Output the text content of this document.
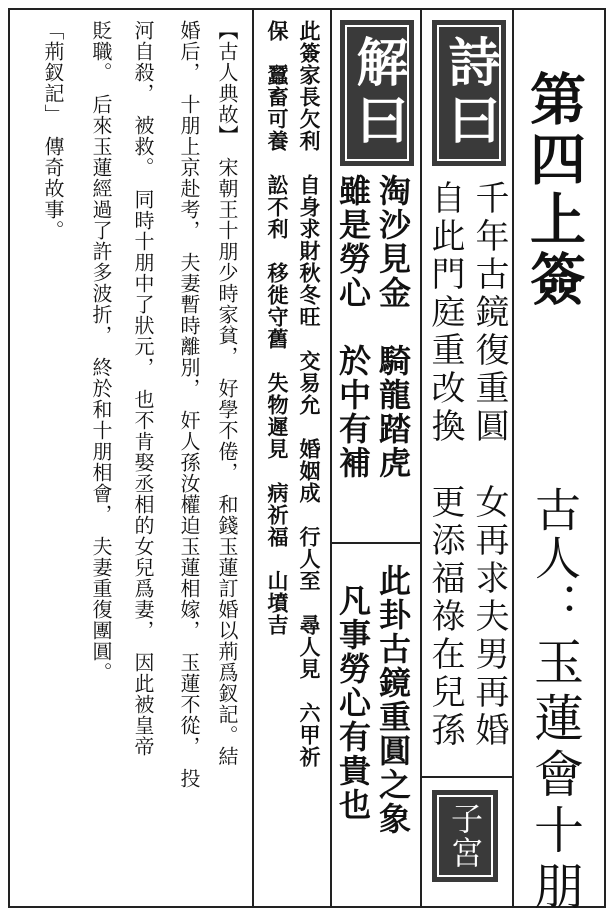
第四上簽
古人：
玉蓮會十朋
詩曰
千年古鏡復重圓　女再求夫男再婚
自此門庭重改換　更添福祿在兒孫
子宮
解曰
淘沙見金　騎龍踏虎
雖是勞心　於中有補
此卦古鏡重圓之象
凡事勞心有貴也
此簽家長欠利　自身求財秋冬旺　交易允　婚姻成　行人至　尋人見　六甲祈
保　蠶畜可養　訟不利　移徙守舊　失物遲見　病祈福　山墳吉
【古人典故】　宋朝王十朋少時家貧，　好學不倦，　和錢玉蓮訂婚以荊爲釵記。結
婚后，　十朋上京赴考，　夫妻暫時離別，　奸人孫汝權迫玉蓮相嫁，　玉蓮不從，　投
河自殺，　被救。　同時十朋中了狀元，　也不肯娶丞相的女兒爲妻，　因此被皇帝
貶職。　后來玉蓮經過了許多波折，　終於和十朋相會，　夫妻重復團圓。
「荊釵記」　傳奇故事。
